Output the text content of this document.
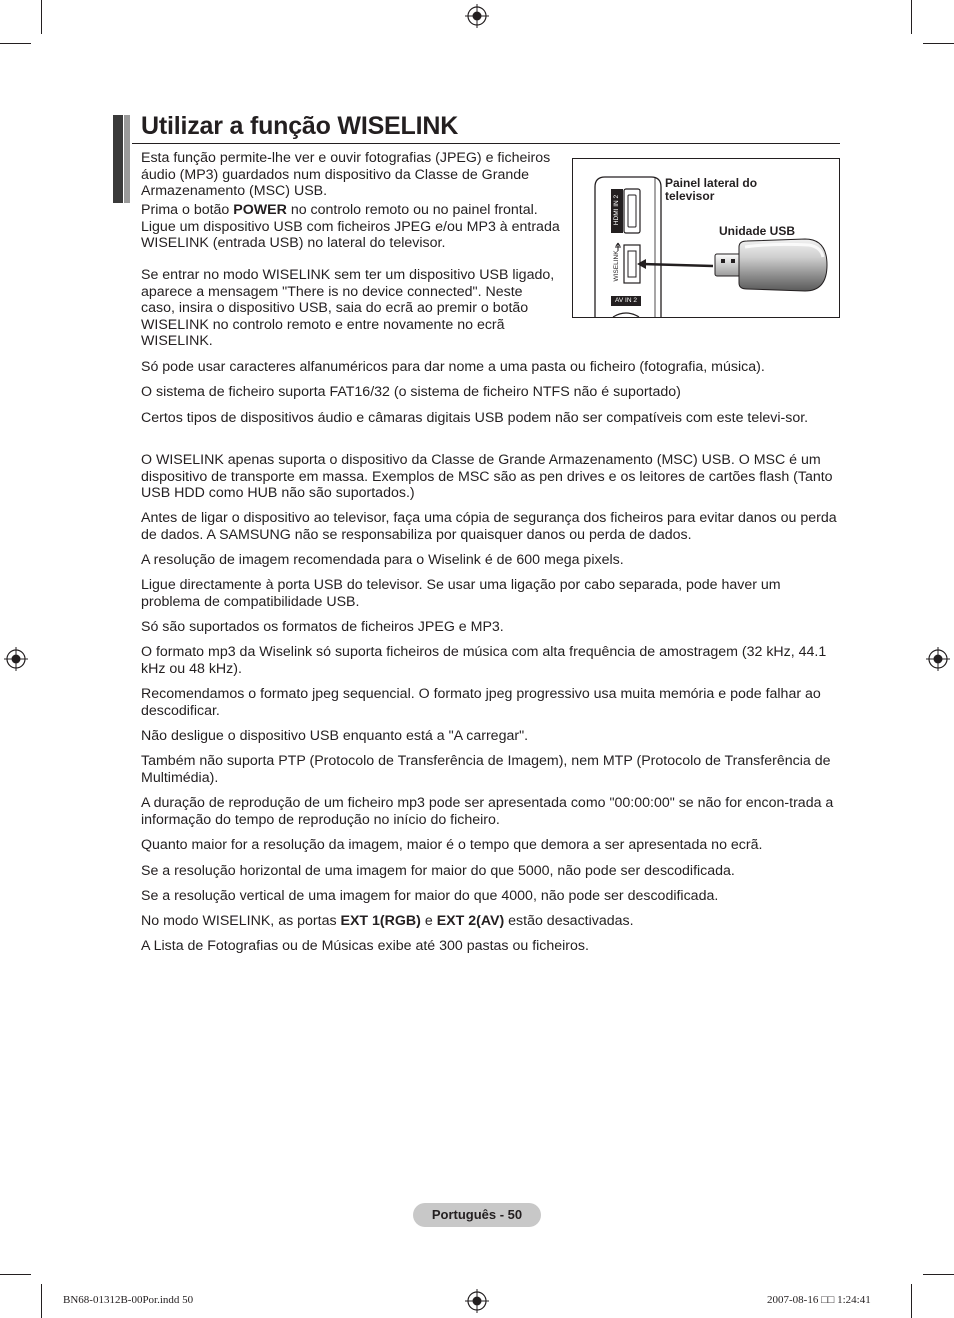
Utilizar a função WISELINK

Esta função permite-lhe ver e ouvir fotografias (JPEG) e ficheiros áudio (MP3) guardados num dispositivo da Classe de Grande Armazenamento (MSC) USB.

Prima o botão POWER no controlo remoto ou no painel frontal. Ligue um dispositivo USB com ficheiros JPEG e/ou MP3 à entrada WISELINK (entrada USB) no lateral do televisor.

Se entrar no modo WISELINK sem ter um dispositivo USB ligado, aparece a mensagem "There is no device connected". Neste caso, insira o dispositivo USB, saia do ecrã ao premir o botão WISELINK no controlo remoto e entre novamente no ecrã WISELINK.

HDMI IN 2
WISELINK
AV IN 2
Painel lateral do televisor
Unidade USB

Só pode usar caracteres alfanuméricos para dar nome a uma pasta ou ficheiro (fotografia, música).

O sistema de ficheiro suporta FAT16/32 (o sistema de ficheiro NTFS não é suportado)

Certos tipos de dispositivos áudio e câmaras digitais USB podem não ser compatíveis com este televi-sor.

O WISELINK apenas suporta o dispositivo da Classe de Grande Armazenamento (MSC) USB. O MSC é um dispositivo de transporte em massa. Exemplos de MSC são as pen drives e os leitores de cartões flash (Tanto USB HDD como HUB não são suportados.)

Antes de ligar o dispositivo ao televisor, faça uma cópia de segurança dos ficheiros para evitar danos ou perda de dados. A SAMSUNG não se responsabiliza por quaisquer danos ou perda de dados.

A resolução de imagem recomendada para o Wiselink é de 600 mega pixels.

Ligue directamente à porta USB do televisor. Se usar uma ligação por cabo separada, pode haver um problema de compatibilidade USB.

Só são suportados os formatos de ficheiros JPEG e MP3.

O formato mp3 da Wiselink só suporta ficheiros de música com alta frequência de amostragem (32 kHz, 44.1 kHz ou 48 kHz).

Recomendamos o formato jpeg sequencial. O formato jpeg progressivo usa muita memória e pode falhar ao descodificar.

Não desligue o dispositivo USB enquanto está a "A carregar".

Também não suporta PTP (Protocolo de Transferência de Imagem), nem MTP (Protocolo de Transferência de Multimédia).

A duração de reprodução de um ficheiro mp3 pode ser apresentada como "00:00:00" se não for encon-trada a informação do tempo de reprodução no início do ficheiro.

Quanto maior for a resolução da imagem, maior é o tempo que demora a ser apresentada no ecrã.

Se a resolução horizontal de uma imagem for maior do que 5000, não pode ser descodificada.

Se a resolução vertical de uma imagem for maior do que 4000, não pode ser descodificada.

No modo WISELINK, as portas EXT 1(RGB) e EXT 2(AV) estão desactivadas.

A Lista de Fotografias ou de Músicas exibe até 300 pastas ou ficheiros.

Português - 50
BN68-01312B-00Por.indd 50	2007-08-16 □□ 1:24:41
